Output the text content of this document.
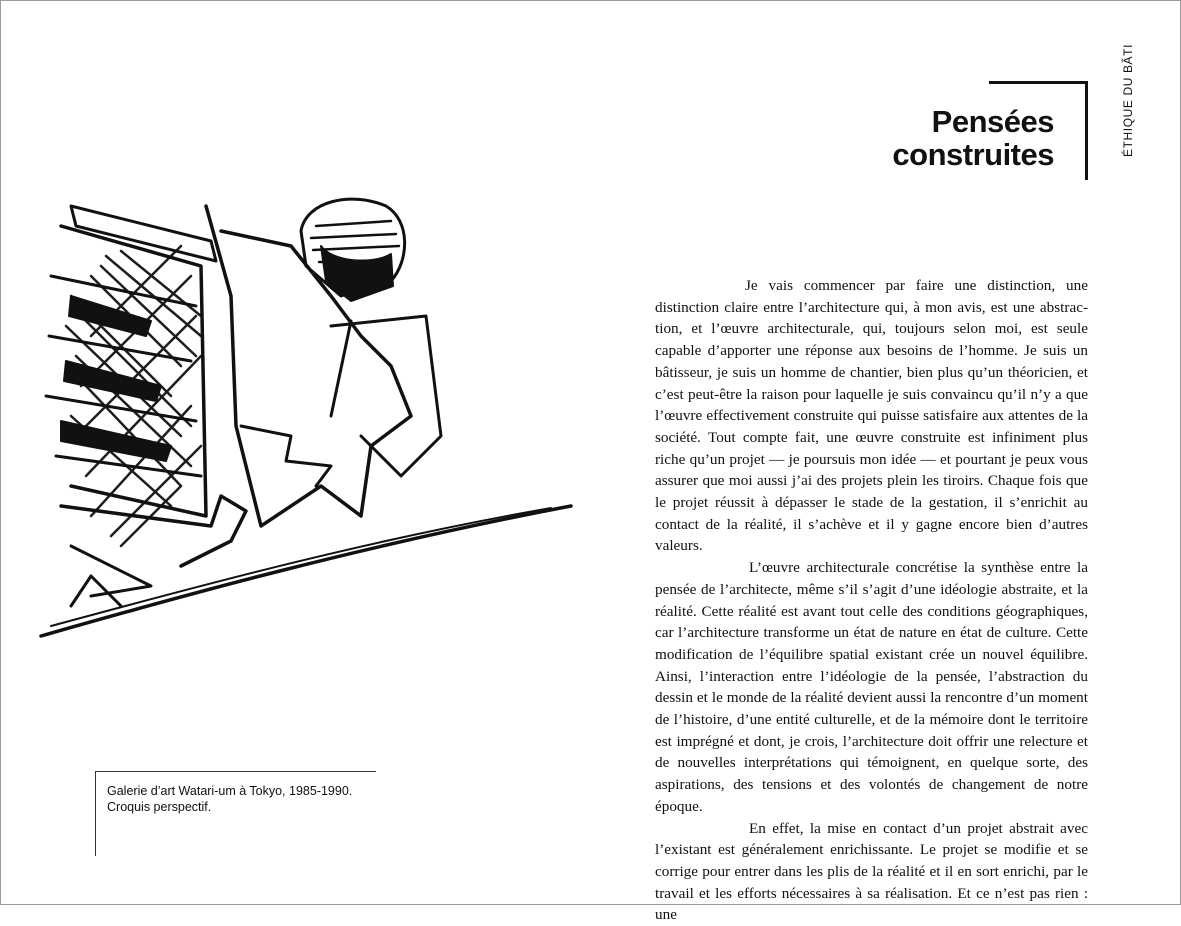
Galerie d’art Watari-um à Tokyo, 1985-1990.
Croquis perspectif.
Pensées
construites	ÉTHIQUE DU BÂTI

Je vais commencer par faire une distinction, une distinction claire entre l’architecture qui, à mon avis, est une abstraction, et l’œuvre architecturale, qui, toujours selon moi, est seule capable d’apporter une réponse aux besoins de l’homme. Je suis un bâtisseur, je suis un homme de chantier, bien plus qu’un théoricien, et c’est peut-être la raison pour laquelle je suis convaincu qu’il n’y a que l’œuvre effectivement construite qui puisse satisfaire aux attentes de la société. Tout compte fait, une œuvre construite est infiniment plus riche qu’un projet — je poursuis mon idée — et pourtant je peux vous assurer que moi aussi j’ai des projets plein les tiroirs. Chaque fois que le projet réussit à dépasser le stade de la gestation, il s’enrichit au contact de la réalité, il s’achève et il y gagne encore bien d’autres valeurs.

L’œuvre architecturale concrétise la synthèse entre la pensée de l’architecte, même s’il s’agit d’une idéologie abstraite, et la réalité. Cette réalité est avant tout celle des conditions géographiques, car l’architecture transforme un état de nature en état de culture. Cette modification de l’équilibre spatial existant crée un nouvel équilibre. Ainsi, l’interaction entre l’idéologie de la pensée, l’abstraction du dessin et le monde de la réalité devient aussi la rencontre d’un moment de l’histoire, d’une entité culturelle, et de la mémoire dont le territoire est imprégné et dont, je crois, l’architecture doit offrir une relecture et de nouvelles interprétations qui témoignent, en quelque sorte, des aspirations, des tensions et des volontés de changement de notre époque.

En effet, la mise en contact d’un projet abstrait avec l’existant est généralement enrichissante. Le projet se modifie et se corrige pour entrer dans les plis de la réalité et il en sort enrichi, par le travail et les efforts nécessaires à sa réalisation. Et ce n’est pas rien : une
